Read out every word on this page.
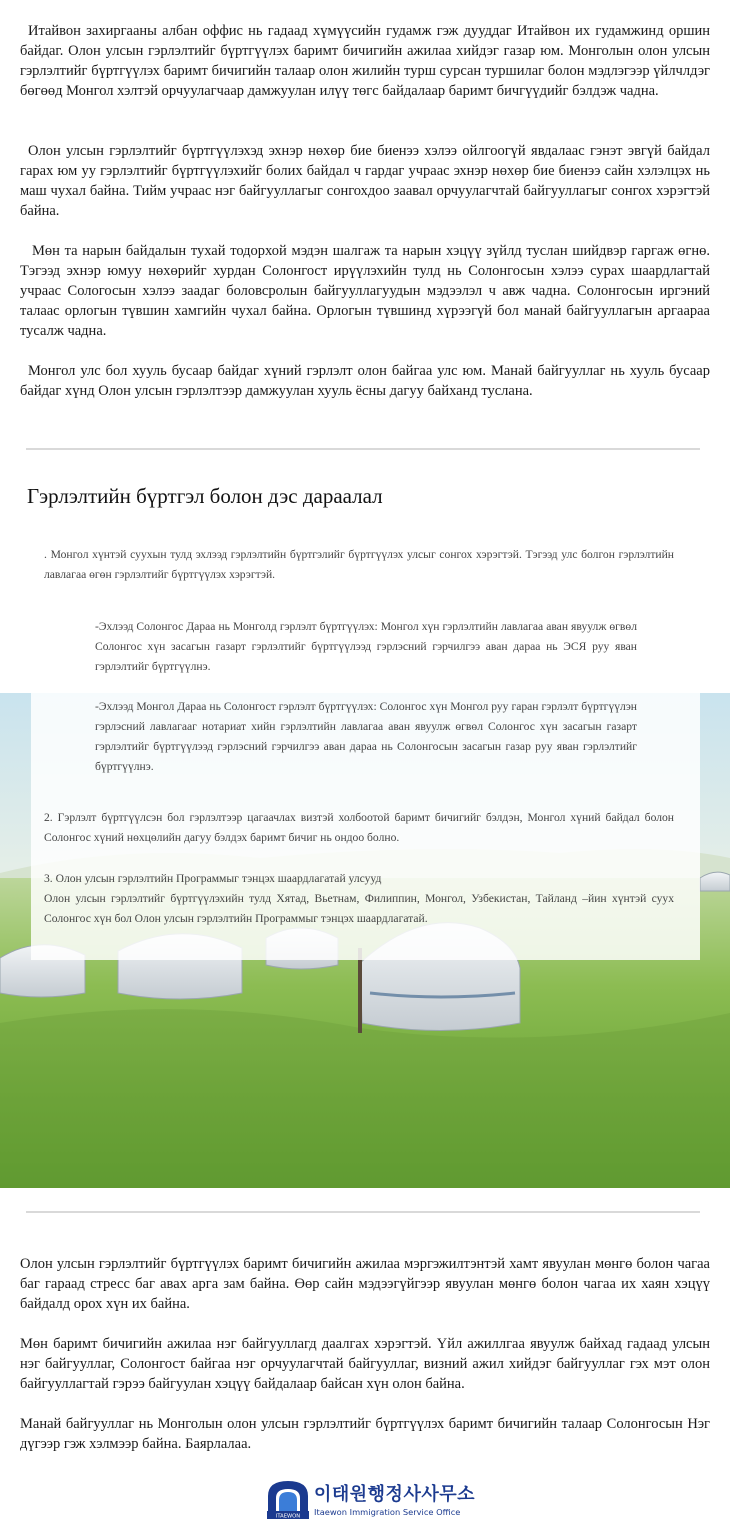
Итайвон захиргааны албан оффис нь гадаад хүмүүсийн гудамж гэж дууддаг Итайвон их гудамжинд оршин байдаг. Олон улсын гэрлэлтийг бүртгүүлэх баримт бичигийн ажилаа хийдэг газар юм. Монголын олон улсын гэрлэлтийг бүртгүүлэх баримт бичигийн талаар олон жилийн турш сурсан туршилаг болон мэдлэгээр үйлчлдэг бөгөөд Монгол хэлтэй орчуулагчаар дамжуулан илүү төгс байдалаар баримт бичгүүдийг бэлдэж чадна.

Олон улсын гэрлэлтийг бүртгүүлэхэд эхнэр нөхөр бие биенээ хэлээ ойлгоогүй явдалаас гэнэт эвгүй байдал гарах юм уу гэрлэлтийг бүртгүүлэхийг болих байдал ч гардаг учраас эхнэр нөхөр бие биенээ сайн хэлэлцэх нь маш чухал байна. Тийм учраас нэг байгууллагыг сонгохдоо заавал орчуулагчтай байгууллагыг сонгох хэрэгтэй байна.

Мөн та нарын байдалын тухай тодорхой мэдэн шалгаж та нарын хэцүү зүйлд туслан шийдвэр гаргаж өгнө. Тэгээд эхнэр юмуу нөхөрийг хурдан Солонгост ирүүлэхийн тулд нь Солонгосын хэлээ сурах шаардлагтай учраас Сологосын хэлээ заадаг боловсролын байгууллагуудын мэдээлэл ч авж чадна. Солонгосын иргэний талаас орлогын түвшин хамгийн чухал байна. Орлогын түвшинд хүрээгүй бол манай байгууллагын аргаараа тусалж чадна.

Монгол улс бол хууль бусаар байдаг хүний гэрлэлт олон байгаа улс юм. Манай байгууллаг нь хууль бусаар байдаг хүнд Олон улсын гэрлэлтээр дамжуулан хууль ёсны дагуу байханд туслана.

Гэрлэлтийн бүртгэл болон дэс дараалал

. Монгол хүнтэй суухын тулд эхлээд гэрлэлтийн бүртгэлийг бүртгүүлэх улсыг сонгох хэрэгтэй. Тэгээд улс болгон гэрлэлтийн лавлагаа өгөн гэрлэлтийг бүртгүүлэх хэрэгтэй.

-Эхлээд Солонгос Дараа нь Монголд гэрлэлт бүртгүүлэх: Монгол хүн гэрлэлтийн лавлагаа аван явуулж өгвөл Солонгос хүн засагын газарт гэрлэлтийг бүртгүүлээд гэрлэсний гэрчилгээ аван дараа нь ЭСЯ руу яван гэрлэлтийг бүртгүүлнэ.

-Эхлээд Монгол Дараа нь Солонгост гэрлэлт бүртгүүлэх: Солонгос хүн Монгол руу гаран гэрлэлт бүртгүүлэн гэрлэсний лавлагааг нотариат хийн гэрлэлтийн лавлагаа аван явуулж өгвөл Солонгос хүн засагын газарт гэрлэлтийг бүртгүүлээд гэрлэсний гэрчилгээ аван дараа нь Солонгосын засагын газар руу яван гэрлэлтийг бүртгүүлнэ.

2. Гэрлэлт бүртгүүлсэн бол гэрлэлтээр цагаачлах визтэй холбоотой баримт бичигийг бэлдэн, Монгол хүний байдал болон Солонгос хүний нөхцөлийн дагуу бэлдэх баримт бичиг нь ондоо болно.

3. Олон улсын гэрлэлтийн Программыг тэнцэх шаардлагатай улсууд

Олон улсын гэрлэлтийг бүртгүүлэхийн тулд Хятад, Вьетнам, Филиппин, Монгол, Узбекистан, Тайланд –йин хүнтэй суух Солонгос хүн бол Олон улсын гэрлэлтийн Программыг тэнцэх шаардлагатай.

Олон улсын гэрлэлтийг бүртгүүлэх баримт бичигийн ажилаа мэргэжилтэнтэй хамт явуулан мөнгө болон чагаа баг гараад стресс баг авах арга зам байна. Өөр сайн мэдээгүйгээр явуулан мөнгө болон чагаа их хаян хэцүү байдалд орох хүн их байна.

Мөн баримт бичигийн ажилаа нэг байгууллагд даалгах хэрэгтэй. Үйл ажиллгаа явуулж байхад гадаад улсын нэг байгууллаг, Солонгост байгаа нэг орчуулагчтай байгууллаг, визний ажил хийдэг байгууллаг гэх мэт олон байгууллагтай гэрээ байгуулан хэцүү байдалаар байсан хүн олон байна.

Манай байгууллаг нь Монголын олон улсын гэрлэлтийг бүртгүүлэх баримт бичигийн талаар Солонгосын Нэг дүгээр гэж хэлмээр байна. Баярлалаа.

ITAEWON
이태원행정사사무소
Itaewon Immigration Service Office
